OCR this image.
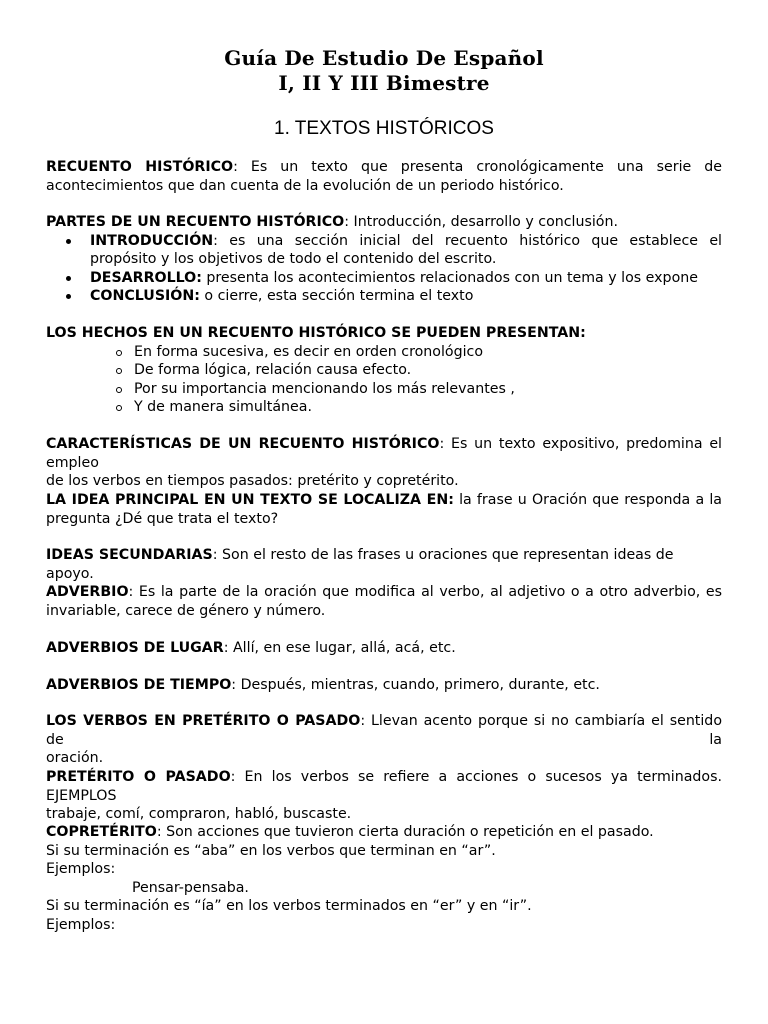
Guía De Estudio De Español
I, II Y III Bimestre
1. TEXTOS HISTÓRICOS
RECUENTO HISTÓRICO: Es un texto que presenta cronológicamente una serie de
acontecimientos que dan cuenta de la evolución de un periodo histórico.
PARTES DE UN RECUENTO HISTÓRICO: Introducción, desarrollo y conclusión.
INTRODUCCIÓN: es una sección inicial del recuento histórico que establece el propósito y los objetivos de todo el contenido del escrito.
DESARROLLO: presenta los acontecimientos relacionados con un tema y los expone
CONCLUSIÓN: o cierre, esta sección termina el texto
LOS HECHOS EN UN RECUENTO HISTÓRICO SE PUEDEN PRESENTAN:
En forma sucesiva, es decir en orden cronológico
De forma lógica, relación causa efecto.
Por su importancia mencionando los más relevantes ,
Y de manera simultánea.
CARACTERÍSTICAS DE UN RECUENTO HISTÓRICO: Es un texto expositivo, predomina el empleo
de los verbos en tiempos pasados: pretérito y copretérito.
LA IDEA PRINCIPAL EN UN TEXTO SE LOCALIZA EN: la frase u Oración que responda a la
pregunta ¿Dé que trata el texto?
IDEAS SECUNDARIAS: Son el resto de las frases u oraciones que representan ideas de apoyo.
ADVERBIO: Es la parte de la oración que modifica al verbo, al adjetivo o a otro adverbio, es
invariable, carece de género y número.
ADVERBIOS DE LUGAR: Allí, en ese lugar, allá, acá, etc.
ADVERBIOS DE TIEMPO: Después, mientras, cuando, primero, durante, etc.
LOS VERBOS EN PRETÉRITO O PASADO: Llevan acento porque si no cambiaría el sentido de la
oración.
PRETÉRITO O PASADO: En los verbos se refiere a acciones o sucesos ya terminados. EJEMPLOS
trabaje, comí, compraron, habló, buscaste.
COPRETÉRITO: Son acciones que tuvieron cierta duración o repetición en el pasado.
Si su terminación es “aba” en los verbos que terminan en “ar”.
Ejemplos:
Pensar-pensaba.
Si su terminación es “ía” en los verbos terminados en “er” y en “ir”.
Ejemplos:
